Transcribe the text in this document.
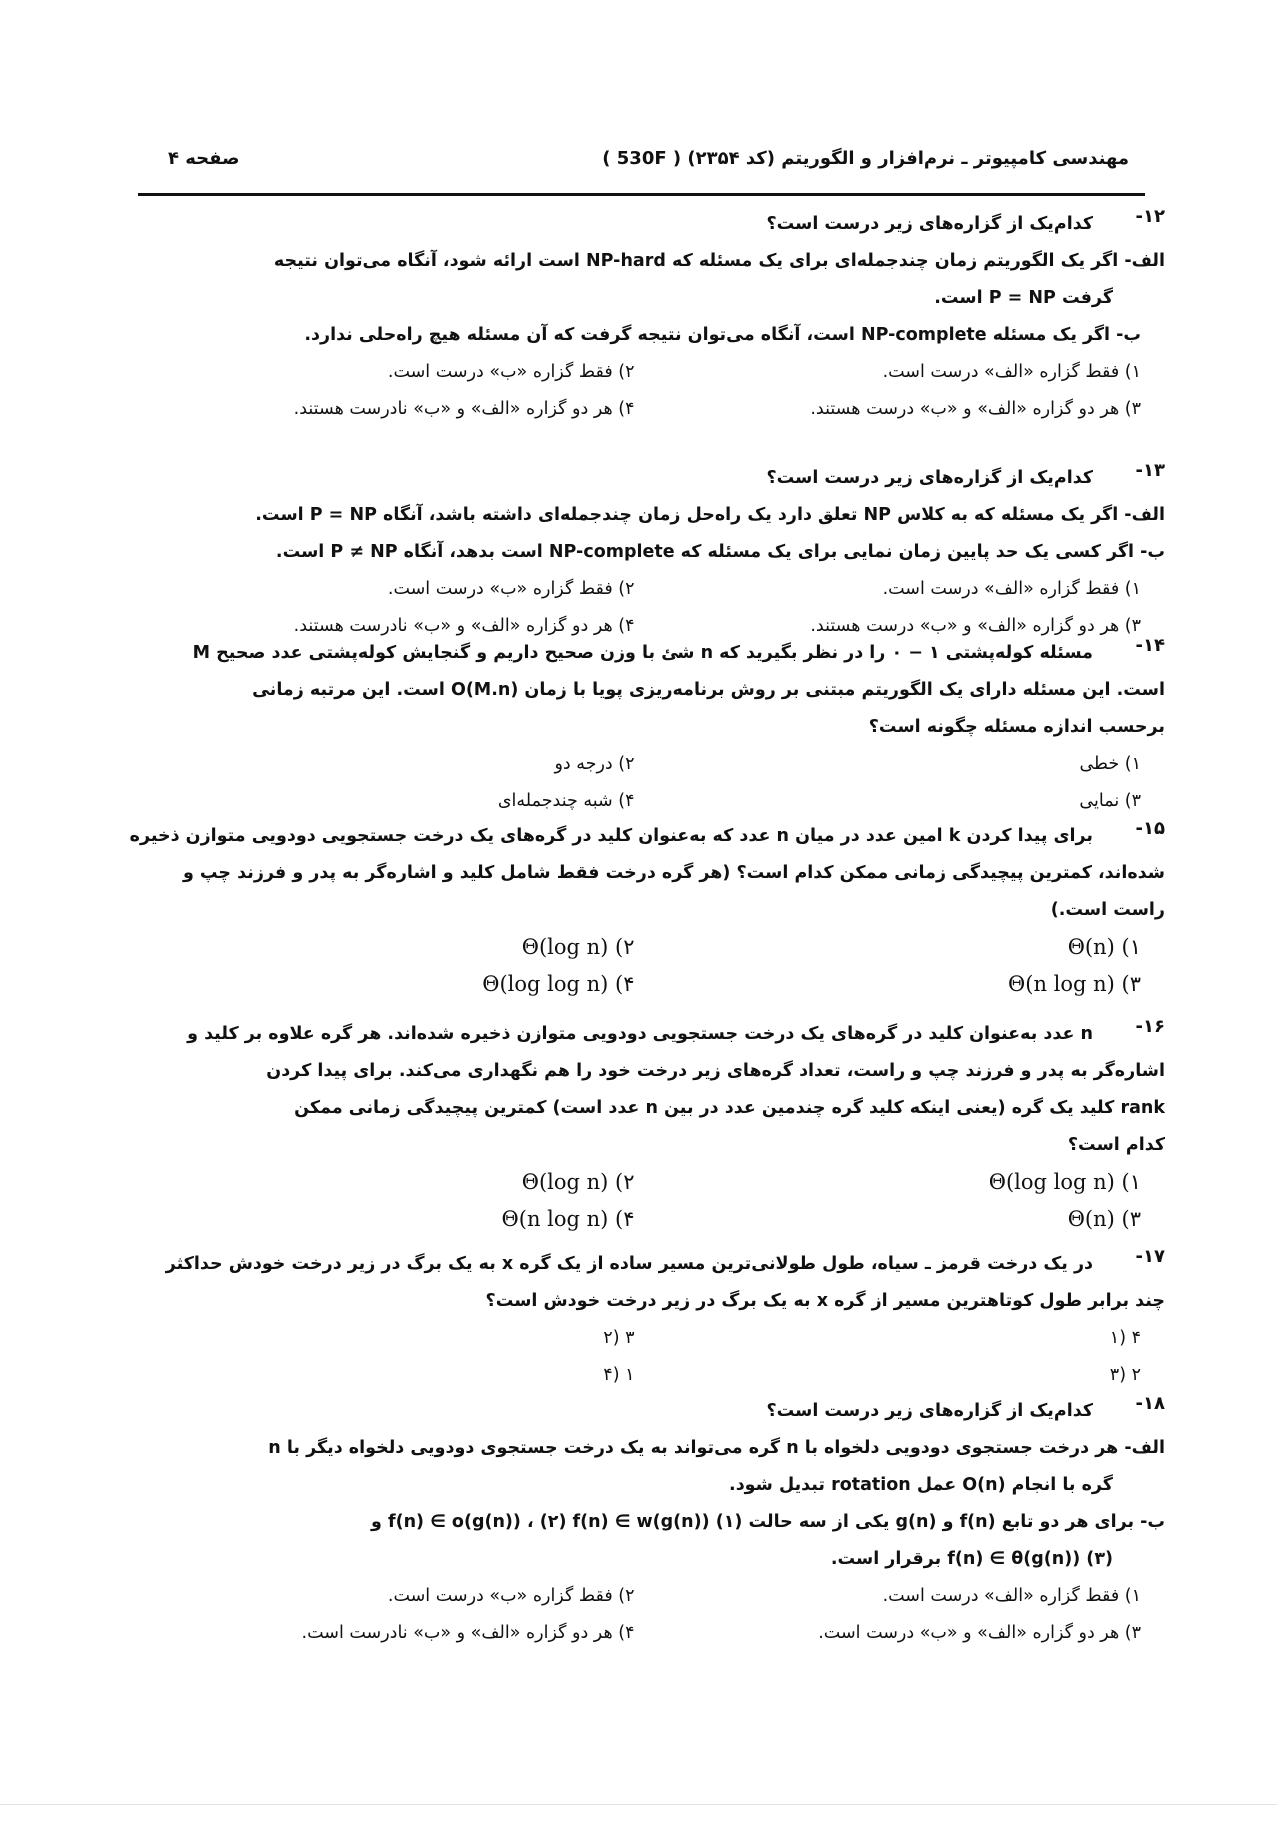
مهندسی کامپیوتر ـ نرم‌افزار و الگوریتم (کد ۲۳۵۴) ( 530F )
صفحه ۴
۱۲-
کدام‌یک از گزاره‌های زیر درست است؟
الف- اگر یک الگوریتم زمان چندجمله‌ای برای یک مسئله که NP-hard است ارائه شود، آنگاه می‌توان نتیجه
گرفت P = NP است.
ب- اگر یک مسئله NP-complete است، آنگاه می‌توان نتیجه گرفت که آن مسئله هیچ راه‌حلی ندارد.
۱) فقط گزاره «الف» درست است.
۲) فقط گزاره «ب» درست است.
۳) هر دو گزاره «الف» و «ب» درست هستند.
۴) هر دو گزاره «الف» و «ب» نادرست هستند.
۱۳-
کدام‌یک از گزاره‌های زیر درست است؟
الف- اگر یک مسئله که به کلاس NP تعلق دارد یک راه‌حل زمان چندجمله‌ای داشته باشد، آنگاه P = NP است.
ب- اگر کسی یک حد پایین زمان نمایی برای یک مسئله که NP-complete است بدهد، آنگاه P ≠ NP است.
۱) فقط گزاره «الف» درست است.
۲) فقط گزاره «ب» درست است.
۳) هر دو گزاره «الف» و «ب» درست هستند.
۴) هر دو گزاره «الف» و «ب» نادرست هستند.
۱۴-
مسئله کوله‌پشتی ۱ − ۰ را در نظر بگیرید که n شئ با وزن صحیح داریم و گنجایش کوله‌پشتی عدد صحیح M
است. این مسئله دارای یک الگوریتم مبتنی بر روش برنامه‌ریزی پویا با زمان O(M.n) است. این مرتبه زمانی
برحسب اندازه مسئله چگونه است؟
۱) خطی
۲) درجه دو
۳) نمایی
۴) شبه چندجمله‌ای
۱۵-
برای پیدا کردن k امین عدد در میان n عدد که به‌عنوان کلید در گره‌های یک درخت جستجویی دودویی متوازن ذخیره
شده‌اند، کمترین پیچیدگی زمانی ممکن کدام است؟ (هر گره درخت فقط شامل کلید و اشاره‌گر به پدر و فرزند چپ و
راست است.)
Θ(n) (۱
Θ(log n) (۲
Θ(n log n) (۳
Θ(log log n) (۴
۱۶-
n عدد به‌عنوان کلید در گره‌های یک درخت جستجویی دودویی متوازن ذخیره شده‌اند. هر گره علاوه بر کلید و
اشاره‌گر به پدر و فرزند چپ و راست، تعداد گره‌های زیر درخت خود را هم نگهداری می‌کند. برای پیدا کردن
rank کلید یک گره (یعنی اینکه کلید گره چندمین عدد در بین n عدد است) کمترین پیچیدگی زمانی ممکن
کدام است؟
Θ(log log n) (۱
Θ(log n) (۲
Θ(n) (۳
Θ(n log n) (۴
۱۷-
در یک درخت قرمز ـ سیاه، طول طولانی‌ترین مسیر ساده از یک گره x به یک برگ در زیر درخت خودش حداکثر
چند برابر طول کوتاهترین مسیر از گره x به یک برگ در زیر درخت خودش است؟
۴ (۱
۳ (۲
۲ (۳
۱ (۴
۱۸-
کدام‌یک از گزاره‌های زیر درست است؟
الف- هر درخت جستجوی دودویی دلخواه با n گره می‌تواند به یک درخت جستجوی دودویی دلخواه دیگر با n
گره با انجام O(n) عمل rotation تبدیل شود.
ب- برای هر دو تابع f(n) و g(n) یکی از سه حالت (۱) f(n) ∈ o(g(n)) ، (۲) f(n) ∈ w(g(n)) و
(۳) f(n) ∈ θ(g(n)) برقرار است.
۱) فقط گزاره «الف» درست است.
۲) فقط گزاره «ب» درست است.
۳) هر دو گزاره «الف» و «ب» درست است.
۴) هر دو گزاره «الف» و «ب» نادرست است.
